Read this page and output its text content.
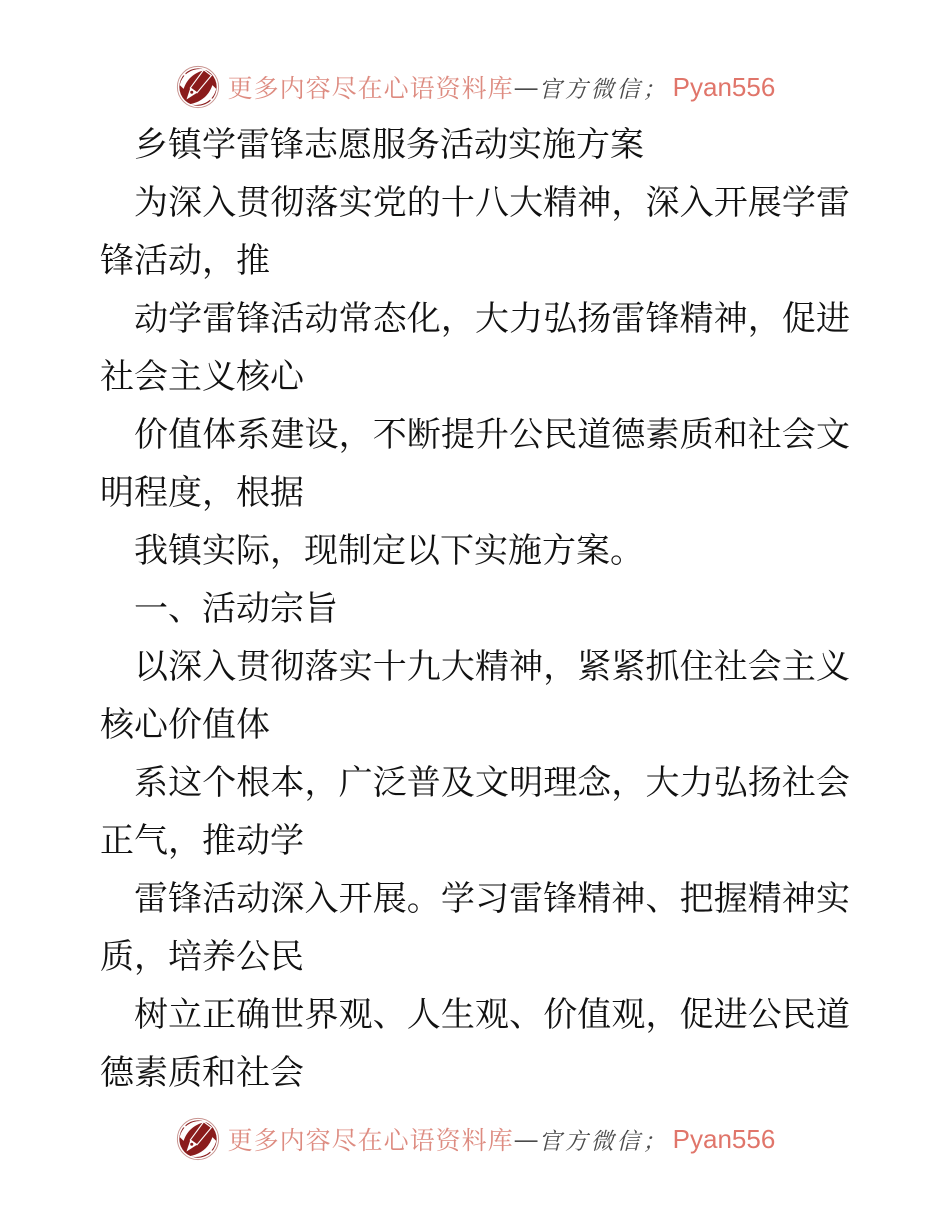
更多内容尽在心语资料库 — 官方微信； Pyan556
乡镇学雷锋志愿服务活动实施方案
为深入贯彻落实党的十八大精神，深入开展学雷
锋活动，推
动学雷锋活动常态化，大力弘扬雷锋精神，促进
社会主义核心
价值体系建设，不断提升公民道德素质和社会文
明程度，根据
我镇实际，现制定以下实施方案。
一、活动宗旨
以深入贯彻落实十九大精神，紧紧抓住社会主义
核心价值体
系这个根本，广泛普及文明理念，大力弘扬社会
正气，推动学
雷锋活动深入开展。学习雷锋精神、把握精神实
质，培养公民
树立正确世界观、人生观、价值观，促进公民道
德素质和社会
更多内容尽在心语资料库 — 官方微信； Pyan556
